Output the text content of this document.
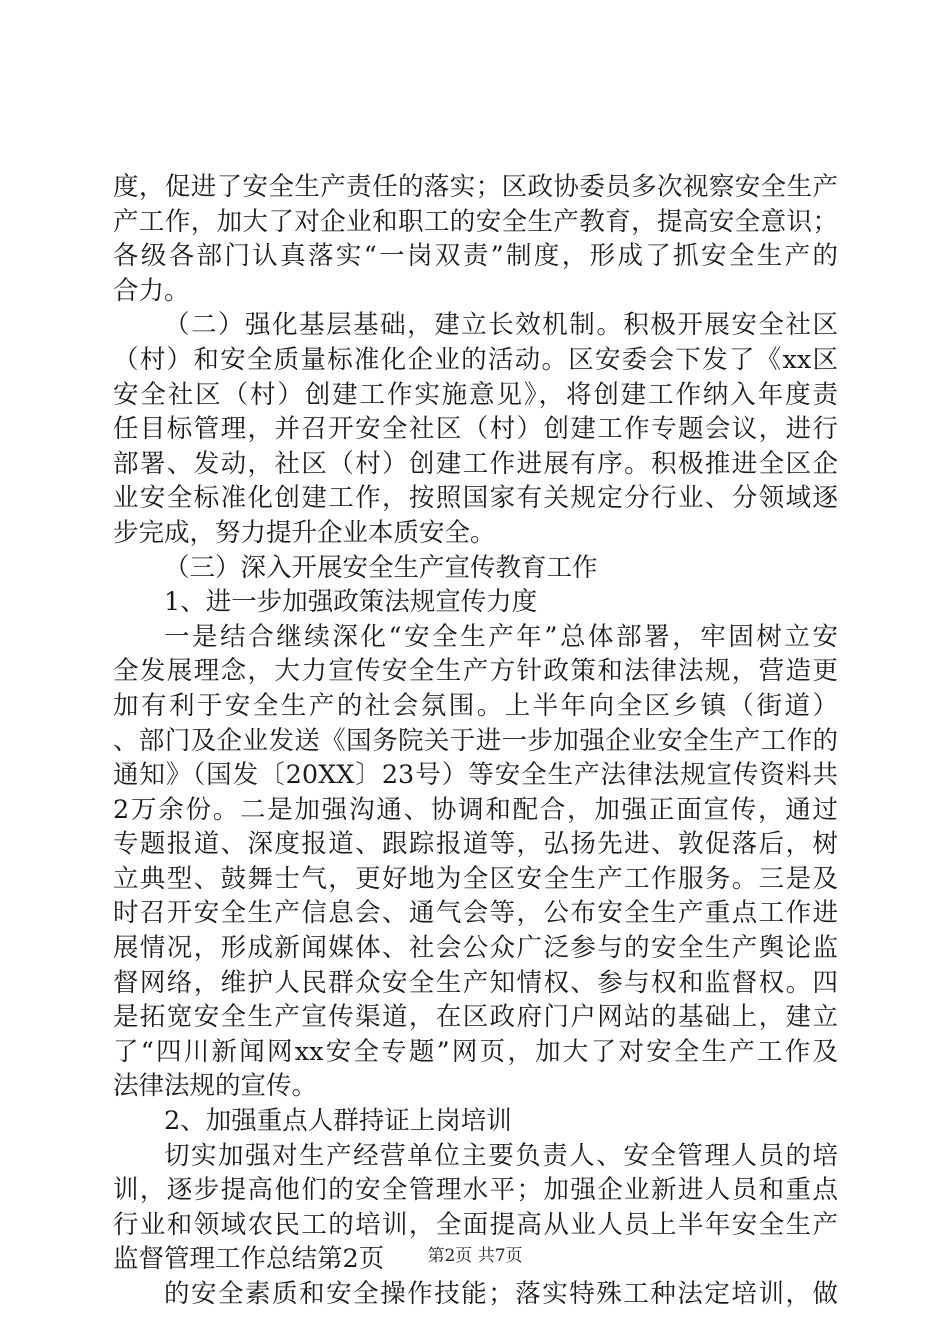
度，促进了安全生产责任的落实；区政协委员多次视察安全生产
产工作，加大了对企业和职工的安全生产教育，提高安全意识；
各级各部门认真落实“一岗双责”制度，形成了抓安全生产的
合力。
（二）强化基层基础，建立长效机制。积极开展安全社区
（村）和安全质量标准化企业的活动。区安委会下发了《xx区
安全社区（村）创建工作实施意见》，将创建工作纳入年度责
任目标管理，并召开安全社区（村）创建工作专题会议，进行
部署、发动，社区（村）创建工作进展有序。积极推进全区企
业安全标准化创建工作，按照国家有关规定分行业、分领域逐
步完成，努力提升企业本质安全。
（三）深入开展安全生产宣传教育工作
1、进一步加强政策法规宣传力度
一是结合继续深化“安全生产年”总体部署，牢固树立安
全发展理念，大力宣传安全生产方针政策和法律法规，营造更
加有利于安全生产的社会氛围。上半年向全区乡镇（街道）
、部门及企业发送《国务院关于进一步加强企业安全生产工作的
通知》（国发〔20XX〕23号）等安全生产法律法规宣传资料共
2万余份。二是加强沟通、协调和配合，加强正面宣传，通过
专题报道、深度报道、跟踪报道等，弘扬先进、敦促落后，树
立典型、鼓舞士气，更好地为全区安全生产工作服务。三是及
时召开安全生产信息会、通气会等，公布安全生产重点工作进
展情况，形成新闻媒体、社会公众广泛参与的安全生产舆论监
督网络，维护人民群众安全生产知情权、参与权和监督权。四
是拓宽安全生产宣传渠道，在区政府门户网站的基础上，建立
了“四川新闻网xx安全专题”网页，加大了对安全生产工作及
法律法规的宣传。
2、加强重点人群持证上岗培训
切实加强对生产经营单位主要负责人、安全管理人员的培
训，逐步提高他们的安全管理水平；加强企业新进人员和重点
行业和领域农民工的培训，全面提高从业人员上半年安全生产
监督管理工作总结第2页
的安全素质和安全操作技能；落实特殊工种法定培训，做
第2页 共7页
